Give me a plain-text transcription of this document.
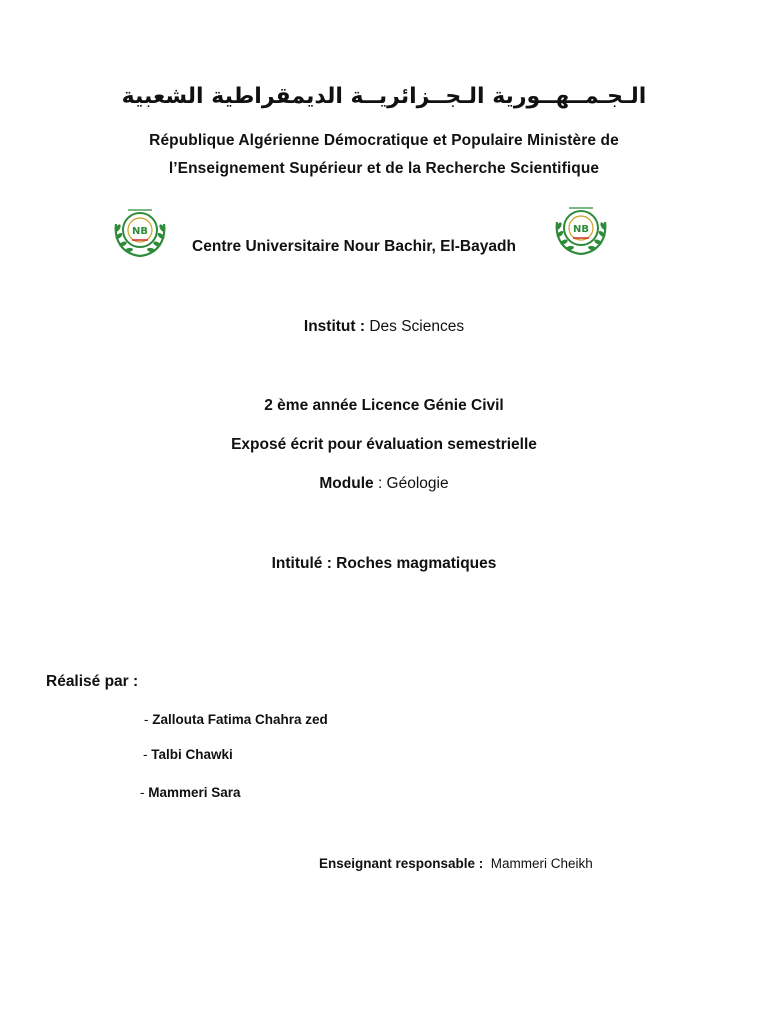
الـجـمــهــورية الـجــزائريــة الديمقراطية الشعبية
République Algérienne Démocratique et Populaire Ministère de
l’Enseignement Supérieur et de la Recherche Scientifique
NB
Centre Universitaire Nour Bachir, El-Bayadh
NB
Institut : Des Sciences
2 ème année Licence Génie Civil
Exposé écrit pour évaluation semestrielle
Module : Géologie
Intitulé : Roches magmatiques
Réalisé par :
- Zallouta Fatima Chahra zed
- Talbi Chawki
- Mammeri Sara
Enseignant responsable :  Mammeri Cheikh
